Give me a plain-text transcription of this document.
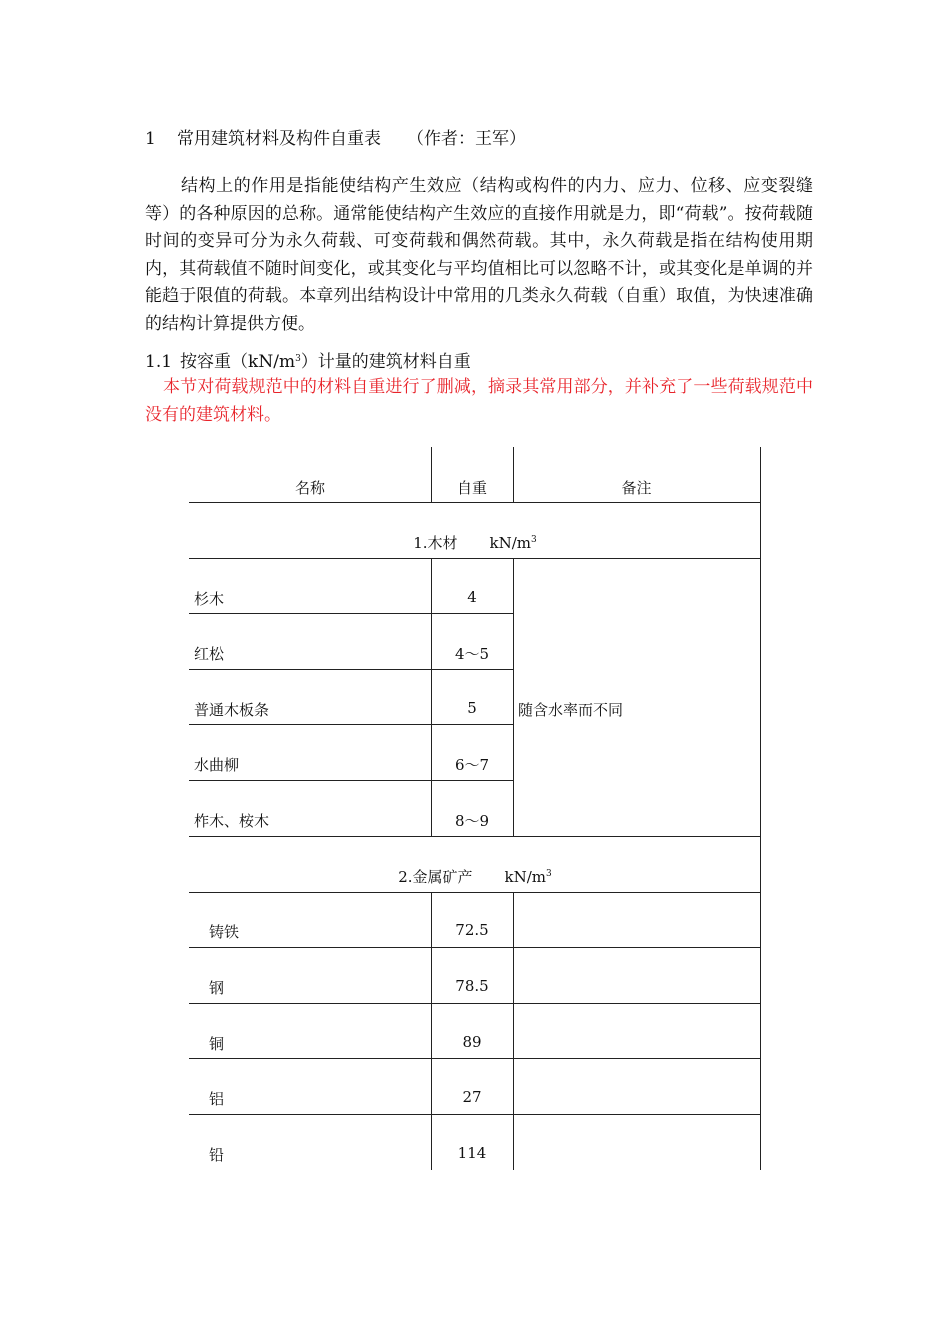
1 常用建筑材料及构件自重表 （作者：王军）

结构上的作用是指能使结构产生效应（结构或构件的内力、应力、位移、应变裂缝等）的各种原因的总称。通常能使结构产生效应的直接作用就是力，即“荷载”。按荷载随时间的变异可分为永久荷载、可变荷载和偶然荷载。其中，永久荷载是指在结构使用期内，其荷载值不随时间变化，或其变化与平均值相比可以忽略不计，或其变化是单调的并能趋于限值的荷载。本章列出结构设计中常用的几类永久荷载（自重）取值，为快速准确的结构计算提供方便。

1.1 按容重$(kN/m^3)$计量的建筑材料自重

本节对荷载规范中的材料自重进行了删减，摘录其常用部分，并补充了一些荷载规范中没有的建筑材料。

名称	自重	备注
1.木材 $kN/m^3$
杉木	4
红松	4～5
普通木板条	5
水曲柳	6～7
柞木、桉木	8～9
随含水率而不同
2.金属矿产 $kN/m^3$
铸铁	72.5
钢	78.5
铜	89
铝	27
铅	114
